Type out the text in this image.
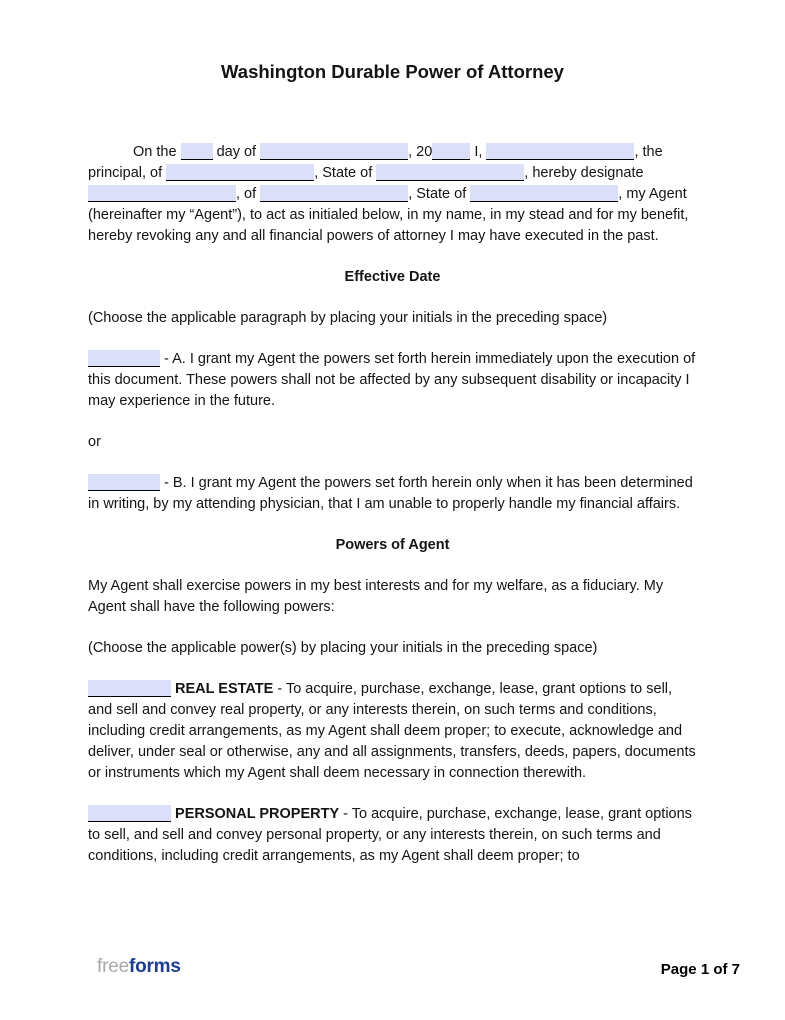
Washington Durable Power of Attorney

On the  day of	, 20	I,	, the principal, of	, State of	, hereby designate , of	, State of	, my Agent (hereinafter my “Agent”), to act as initialed below, in my name, in my stead and for my benefit, hereby revoking any and all financial powers of attorney I may have executed in the past.

Effective Date

(Choose the applicable paragraph by placing your initials in the preceding space)

- A. I grant my Agent the powers set forth herein immediately upon the execution of this document. These powers shall not be affected by any subsequent disability or incapacity I may experience in the future.

or

- B. I grant my Agent the powers set forth herein only when it has been determined in writing, by my attending physician, that I am unable to properly handle my financial affairs.

Powers of Agent

My Agent shall exercise powers in my best interests and for my welfare, as a fiduciary. My Agent shall have the following powers:

(Choose the applicable power(s) by placing your initials in the preceding space)

REAL ESTATE - To acquire, purchase, exchange, lease, grant options to sell, and sell and convey real property, or any interests therein, on such terms and conditions, including credit arrangements, as my Agent shall deem proper; to execute, acknowledge and deliver, under seal or otherwise, any and all assignments, transfers, deeds, papers, documents or instruments which my Agent shall deem necessary in connection therewith.

PERSONAL PROPERTY - To acquire, purchase, exchange, lease, grant options to sell, and sell and convey personal property, or any interests therein, on such terms and conditions, including credit arrangements, as my Agent shall deem proper; to

freeforms	Page 1 of 7
